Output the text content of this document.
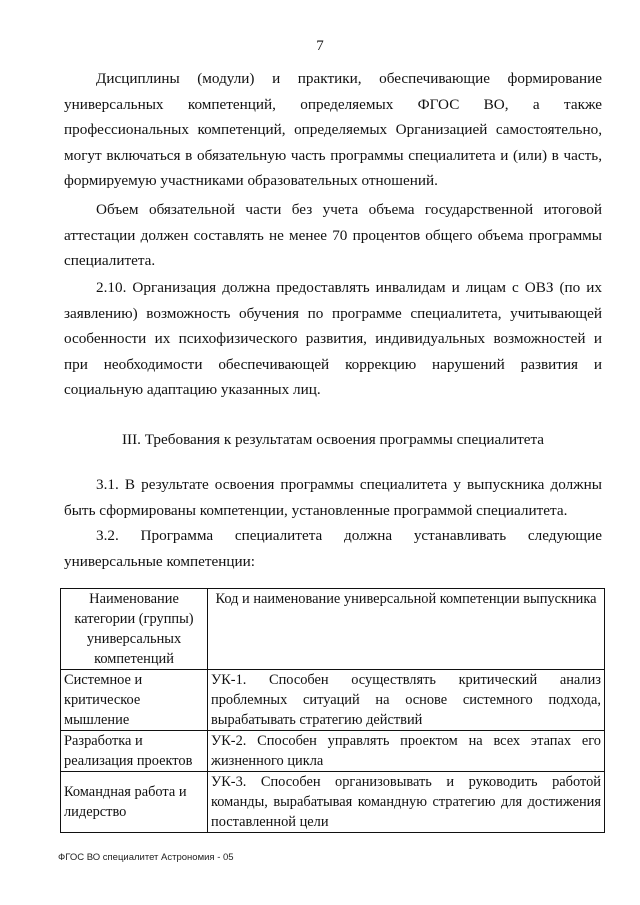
7

Дисциплины (модули) и практики, обеспечивающие формирование универсальных компетенций, определяемых ФГОС ВО, а также профессиональных компетенций, определяемых Организацией самостоятельно, могут включаться в обязательную часть программы специалитета и (или) в часть, формируемую участниками образовательных отношений.

Объем обязательной части без учета объема государственной итоговой аттестации должен составлять не менее 70 процентов общего объема программы специалитета.

2.10. Организация должна предоставлять инвалидам и лицам с ОВЗ (по их заявлению) возможность обучения по программе специалитета, учитывающей особенности их психофизического развития, индивидуальных возможностей и при необходимости обеспечивающей коррекцию нарушений развития и социальную адаптацию указанных лиц.

III. Требования к результатам освоения программы специалитета

3.1. В результате освоения программы специалитета у выпускника должны быть сформированы компетенции, установленные программой специалитета.

3.2. Программа специалитета должна устанавливать следующие универсальные компетенции:

Наименование категории (группы) универсальных компетенций	Код и наименование универсальной компетенции выпускника
Системное и критическое мышление	УК-1. Способен осуществлять критический анализ проблемных ситуаций на основе системного подхода, вырабатывать стратегию действий
Разработка и реализация проектов	УК-2. Способен управлять проектом на всех этапах его жизненного цикла
Командная работа и лидерство	УК-3. Способен организовывать и руководить работой команды, вырабатывая командную стратегию для достижения поставленной цели
ФГОС ВО специалитет Астрономия - 05
